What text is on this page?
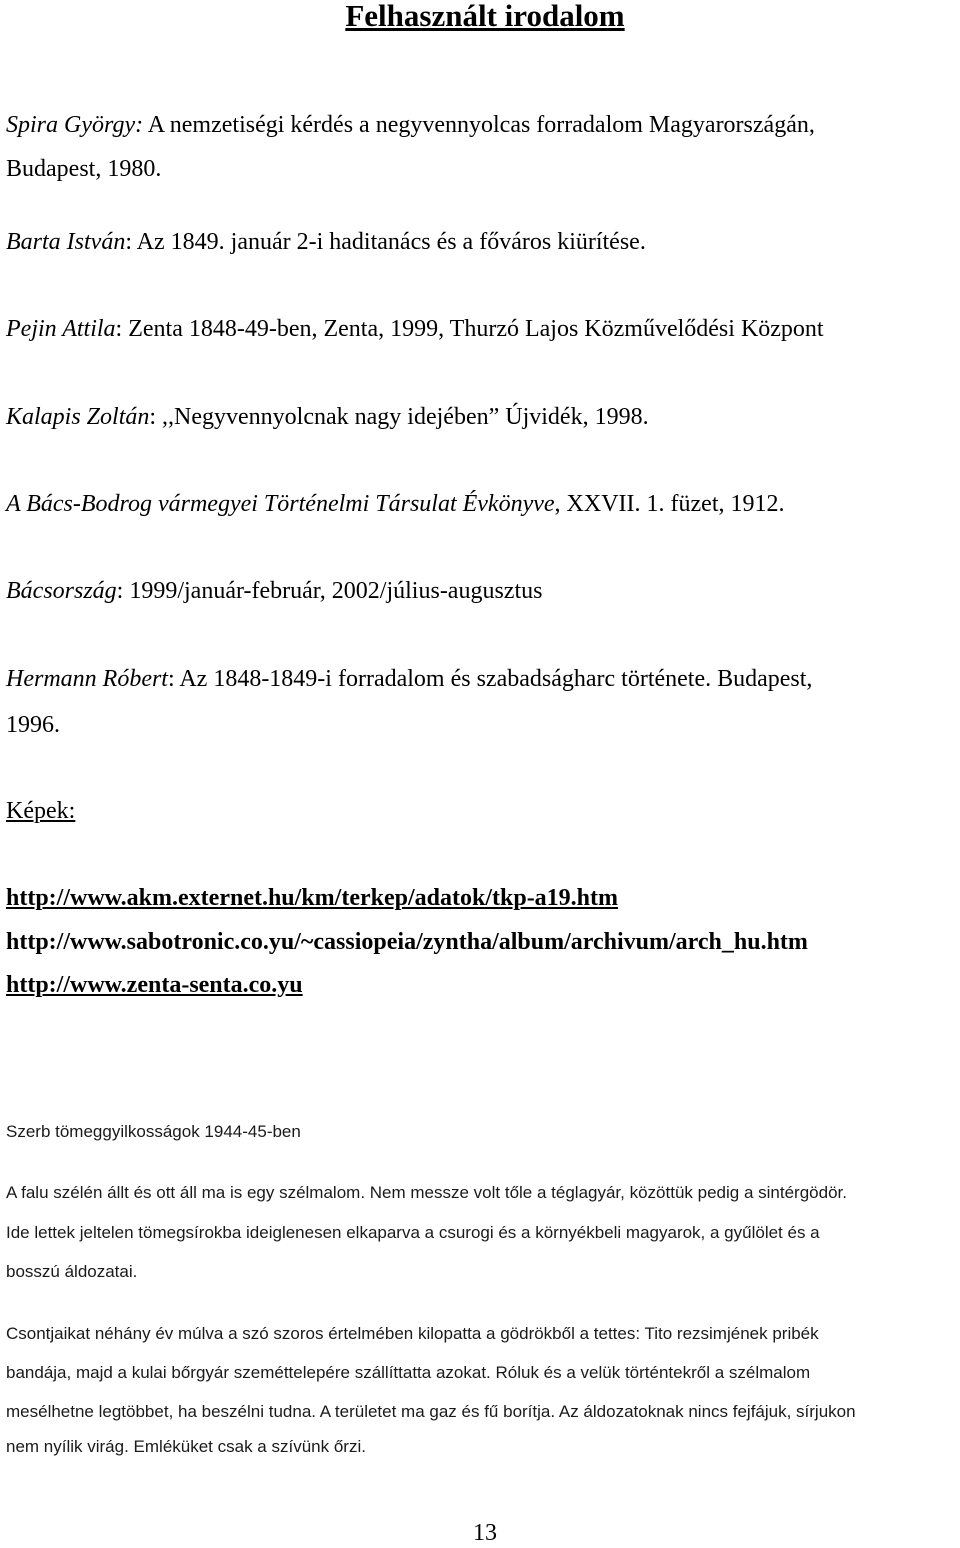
Felhasznált irodalom
Spira György: A nemzetiségi kérdés a negyvennyolcas forradalom Magyarországán,
Budapest, 1980.
Barta István: Az 1849. január 2-i haditanács és a főváros kiürítése.
Pejin Attila: Zenta 1848-49-ben, Zenta, 1999, Thurzó Lajos Közművelődési Központ
Kalapis Zoltán: ,,Negyvennyolcnak nagy idejében” Újvidék, 1998.
A Bács-Bodrog vármegyei Történelmi Társulat Évkönyve, XXVII. 1. füzet, 1912.
Bácsország: 1999/január-február, 2002/július-augusztus
Hermann Róbert: Az 1848-1849-i forradalom és szabadságharc története. Budapest,
1996.
Képek:
http://www.akm.externet.hu/km/terkep/adatok/tkp-a19.htm
http://www.sabotronic.co.yu/~cassiopeia/zyntha/album/archivum/arch_hu.htm
http://www.zenta-senta.co.yu
Szerb tömeggyilkosságok 1944-45-ben
A falu szélén állt és ott áll ma is egy szélmalom. Nem messze volt tőle a téglagyár, közöttük pedig a sintérgödör.
Ide lettek jeltelen tömegsírokba ideiglenesen elkaparva a csurogi és a környékbeli magyarok, a gyűlölet és a
bosszú áldozatai.
Csontjaikat néhány év múlva a szó szoros értelmében kilopatta a gödrökből a tettes: Tito rezsimjének pribék
bandája, majd a kulai bőrgyár szeméttelepére szállíttatta azokat. Róluk és a velük történtekről a szélmalom
mesélhetne legtöbbet, ha beszélni tudna. A területet ma gaz és fű borítja. Az áldozatoknak nincs fejfájuk, sírjukon
nem nyílik virág. Emléküket csak a szívünk őrzi.
13
